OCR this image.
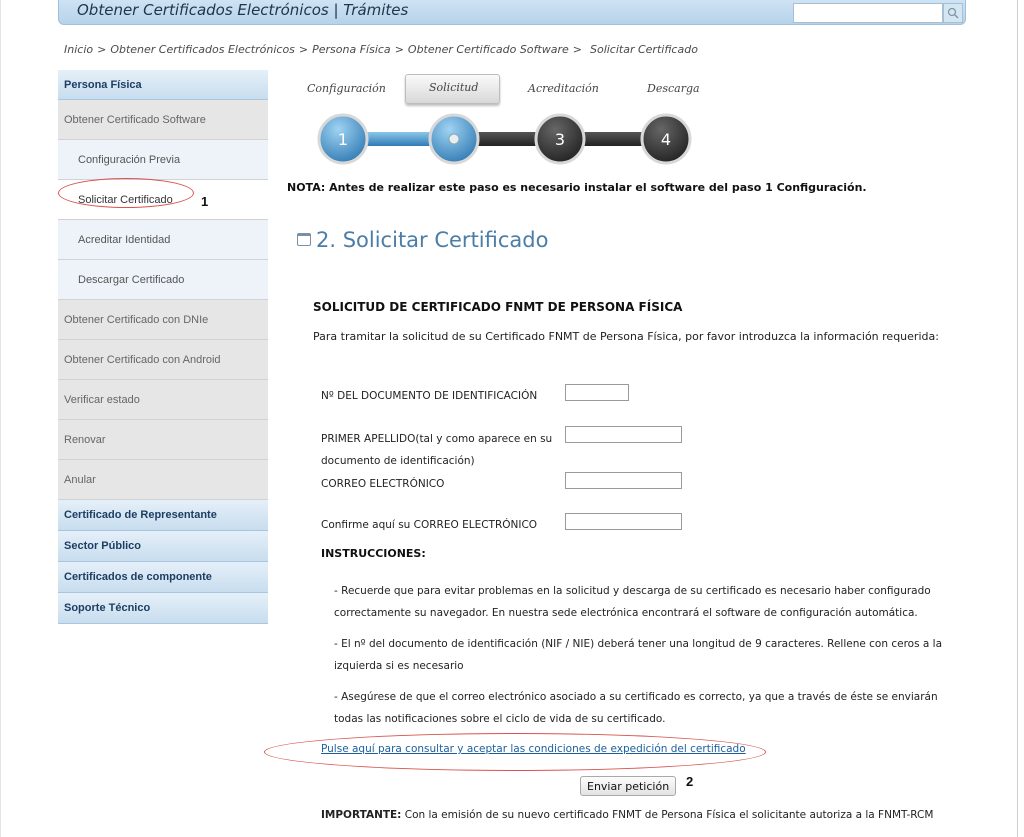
Obtener Certificados Electrónicos | Trámites
Inicio > Obtener Certificados Electrónicos > Persona Física > Obtener Certificado Software > Solicitar Certificado
Persona Física
Obtener Certificado Software
Configuración Previa
Solicitar Certificado
Acreditar Identidad
Descargar Certificado
Obtener Certificado con DNIe
Obtener Certificado con Android
Verificar estado
Renovar
Anular
Certificado de Representante
Sector Público
Certificados de componente
Soporte Técnico
1
Configuración	Solicitud	Acreditación	Descarga
1	3	4
NOTA: Antes de realizar este paso es necesario instalar el software del paso 1 Configuración.
2. Solicitar Certificado
SOLICITUD DE CERTIFICADO FNMT DE PERSONA FÍSICA
Para tramitar la solicitud de su Certificado FNMT de Persona Física, por favor introduzca la información requerida:
Nº DEL DOCUMENTO DE IDENTIFICACIÓN
PRIMER APELLIDO(tal y como aparece en su documento de identificación)
CORREO ELECTRÓNICO
Confirme aquí su CORREO ELECTRÓNICO
INSTRUCCIONES:
- Recuerde que para evitar problemas en la solicitud y descarga de su certificado es necesario haber configurado correctamente su navegador. En nuestra sede electrónica encontrará el software de configuración automática.
- El nº del documento de identificación (NIF / NIE) deberá tener una longitud de 9 caracteres. Rellene con ceros a la izquierda si es necesario
- Asegúrese de que el correo electrónico asociado a su certificado es correcto, ya que a través de éste se enviarán todas las notificaciones sobre el ciclo de vida de su certificado.
Pulse aquí para consultar y aceptar las condiciones de expedición del certificado
Enviar petición	2
IMPORTANTE: Con la emisión de su nuevo certificado FNMT de Persona Física el solicitante autoriza a la FNMT-RCM
